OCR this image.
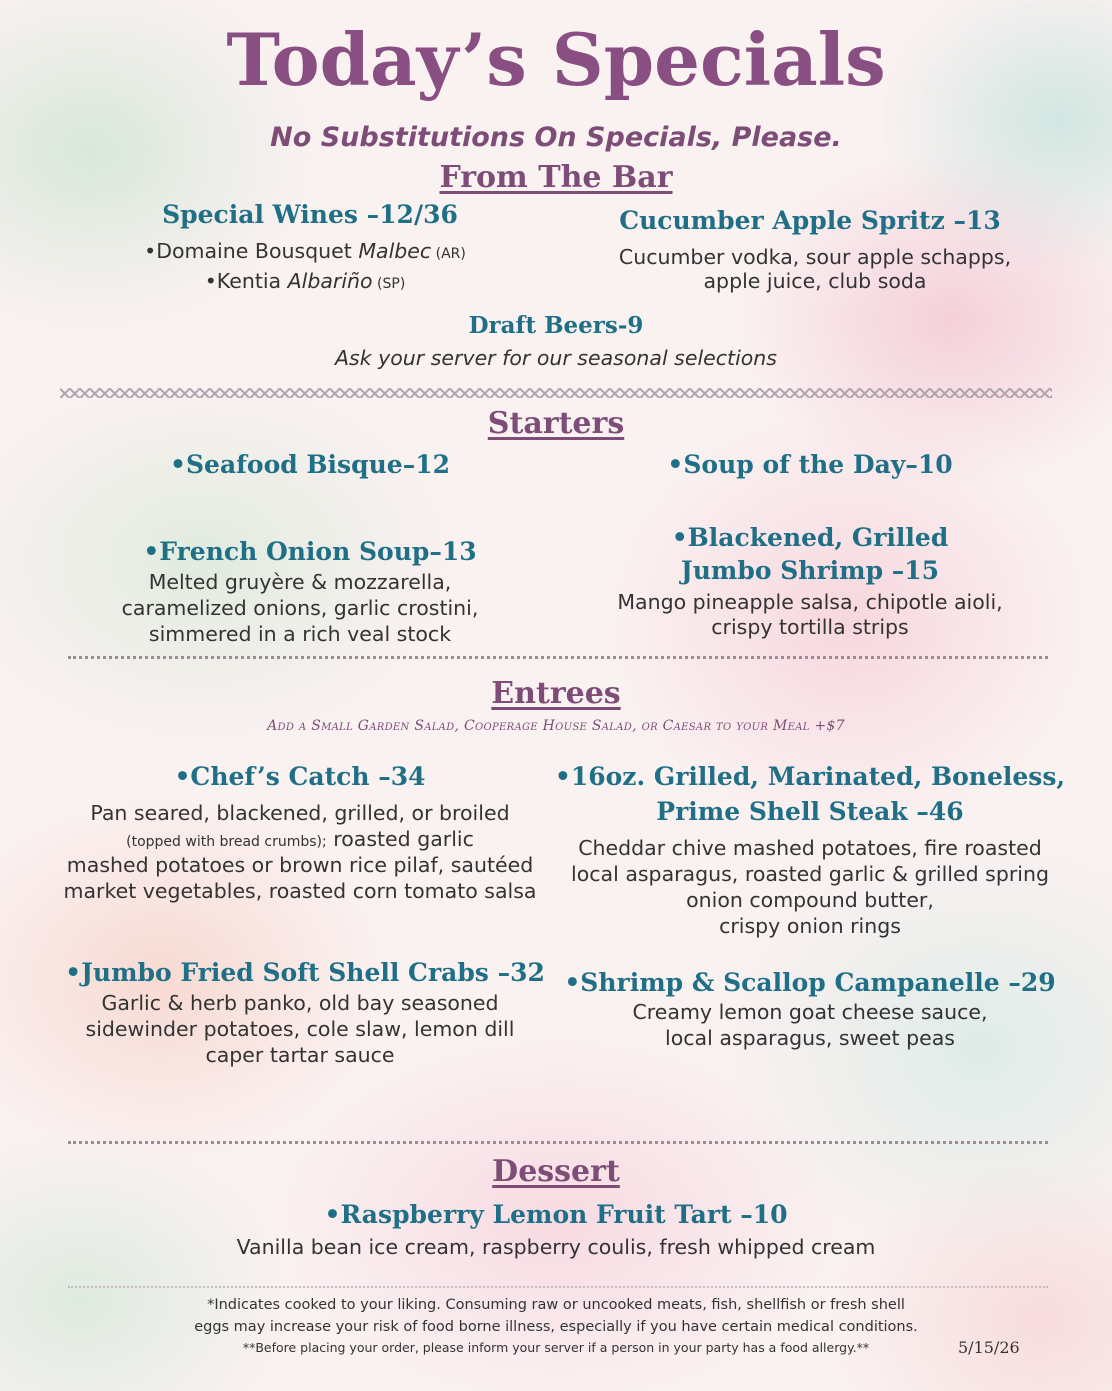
Today’s Specials
No Substitutions On Specials, Please.
From The Bar
Special Wines –12/36
•Domaine Bousquet Malbec (AR)
•Kentia Albariño (SP)
Cucumber Apple Spritz –13
Cucumber vodka, sour apple schapps,
apple juice, club soda
Draft Beers-9
Ask your server for our seasonal selections
Starters
•Seafood Bisque–12	•Soup of the Day–10
•French Onion Soup–13
Melted gruyère & mozzarella,
caramelized onions, garlic crostini,
simmered in a rich veal stock
•Blackened, Grilled
Jumbo Shrimp –15
Mango pineapple salsa, chipotle aioli,
crispy tortilla strips
Entrees
Add a Small Garden Salad, Cooperage House Salad, or Caesar to your Meal +$7
•Chef’s Catch –34
Pan seared, blackened, grilled, or broiled
(topped with bread crumbs); roasted garlic
mashed potatoes or brown rice pilaf, sautéed
market vegetables, roasted corn tomato salsa
•16oz. Grilled, Marinated, Boneless,
Prime Shell Steak –46
Cheddar chive mashed potatoes, fire roasted
local asparagus, roasted garlic & grilled spring
onion compound butter,
crispy onion rings
•Jumbo Fried Soft Shell Crabs –32
Garlic & herb panko, old bay seasoned
sidewinder potatoes, cole slaw, lemon dill
caper tartar sauce
•Shrimp & Scallop Campanelle –29
Creamy lemon goat cheese sauce,
local asparagus, sweet peas
Dessert
•Raspberry Lemon Fruit Tart –10
Vanilla bean ice cream, raspberry coulis, fresh whipped cream
*Indicates cooked to your liking. Consuming raw or uncooked meats, fish, shellfish or fresh shell
eggs may increase your risk of food borne illness, especially if you have certain medical conditions.
**Before placing your order, please inform your server if a person in your party has a food allergy.**	5/15/26
